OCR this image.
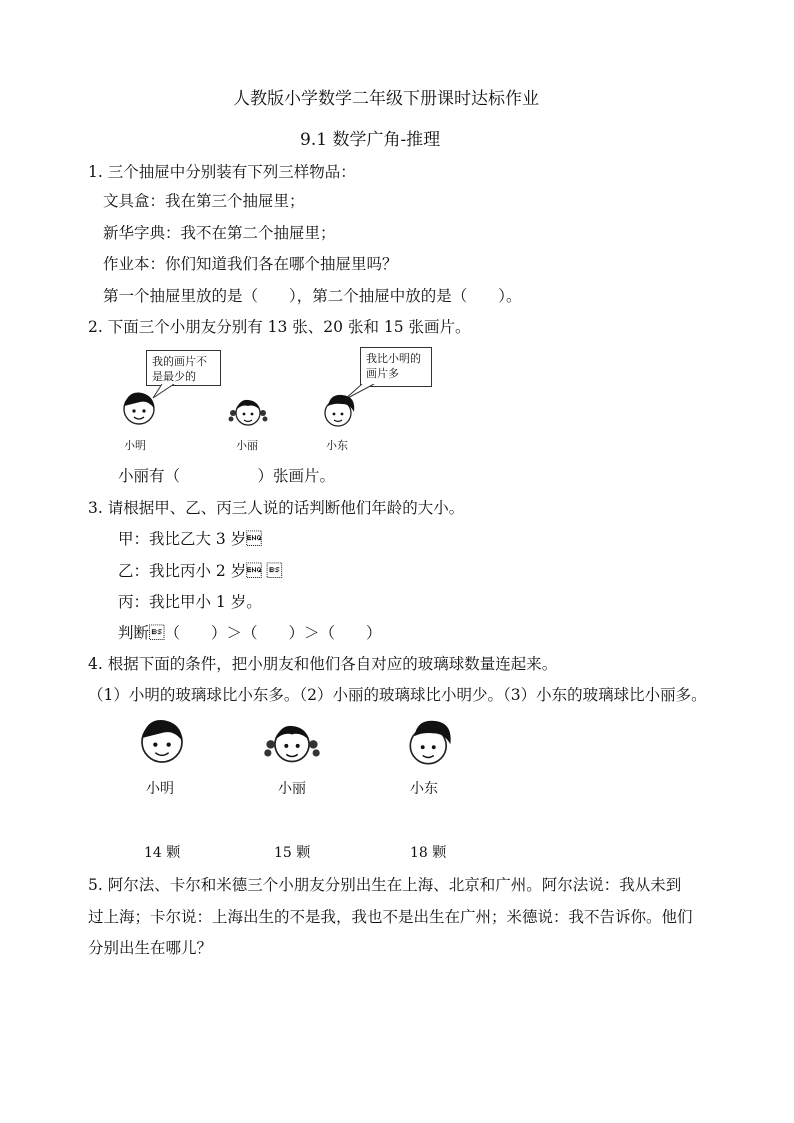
人教版小学数学二年级下册课时达标作业
9.1 数学广角-推理
1. 三个抽屉中分别装有下列三样物品：
文具盒：我在第三个抽屉里；
新华字典：我不在第二个抽屉里；
作业本：你们知道我们各在哪个抽屉里吗？
第一个抽屉里放的是（　　），第二个抽屉中放的是（　　）。
2. 下面三个小朋友分别有 13 张、20 张和 15 张画片。
我的画片不是最少的
我比小明的画片多
小明	小丽	小东
小丽有（　　　　　）张画片。
3. 请根据甲、乙、丙三人说的话判断他们年龄的大小。
甲：我比乙大 3 岁
乙：我比丙小 2 岁 
丙：我比甲小 1 岁。
判断（　　）＞（　　）＞（　　）
4. 根据下面的条件，把小朋友和他们各自对应的玻璃球数量连起来。
（1）小明的玻璃球比小东多。（2）小丽的玻璃球比小明少。（3）小东的玻璃球比小丽多。
小明	小丽	小东
14 颗	15 颗	18 颗
5. 阿尔法、卡尔和米德三个小朋友分别出生在上海、北京和广州。阿尔法说：我从未到
过上海；卡尔说：上海出生的不是我，我也不是出生在广州；米德说：我不告诉你。他们
分别出生在哪儿？
